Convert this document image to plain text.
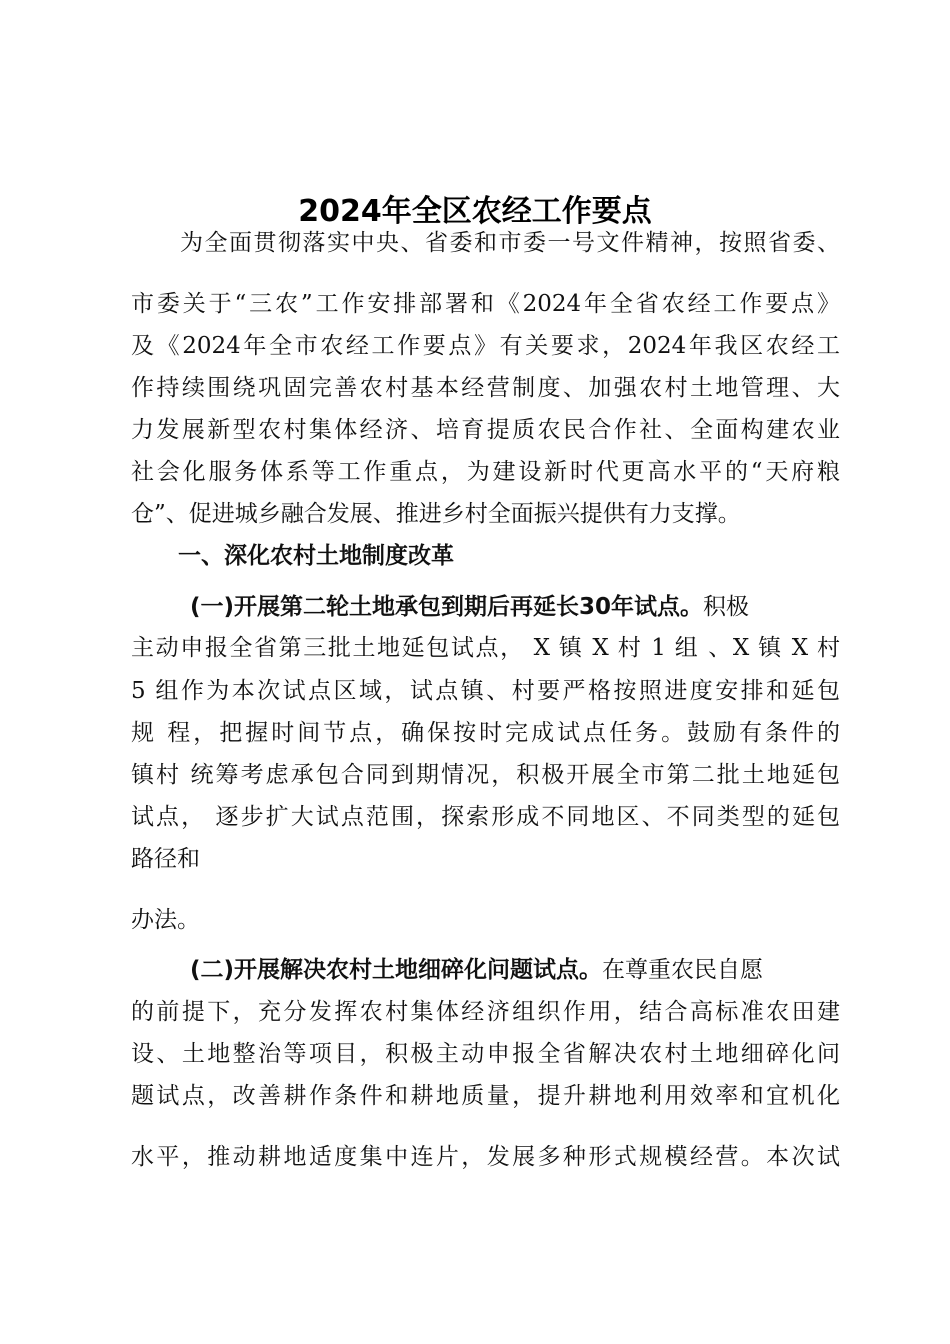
2024年全区农经工作要点
为全面贯彻落实中央、省委和市委一号文件精神，按照省委、
市委关于“三农”工作安排部署和《2024年全省农经工作要点》
及《2024年全市农经工作要点》有关要求，2024年我区农经工
作持续围绕巩固完善农村基本经营制度、加强农村土地管理、大
力发展新型农村集体经济、培育提质农民合作社、全面构建农业
社会化服务体系等工作重点，为建设新时代更高水平的“天府粮
仓”、促进城乡融合发展、推进乡村全面振兴提供有力支撑。
一、深化农村土地制度改革
(一)开展第二轮土地承包到期后再延长30年试点。积极
主动申报全省第三批土地延包试点， X 镇 X 村 1 组 、X 镇 X 村
5 组作为本次试点区域，试点镇、村要严格按照进度安排和延包
规 程，把握时间节点，确保按时完成试点任务。鼓励有条件的
镇村 统筹考虑承包合同到期情况，积极开展全市第二批土地延包
试点， 逐步扩大试点范围，探索形成不同地区、不同类型的延包
路径和
办法。
(二)开展解决农村土地细碎化问题试点。在尊重农民自愿
的前提下，充分发挥农村集体经济组织作用，结合高标准农田建
设、土地整治等项目，积极主动申报全省解决农村土地细碎化问
题试点，改善耕作条件和耕地质量，提升耕地利用效率和宜机化
水平，推动耕地适度集中连片，发展多种形式规模经营。本次试
